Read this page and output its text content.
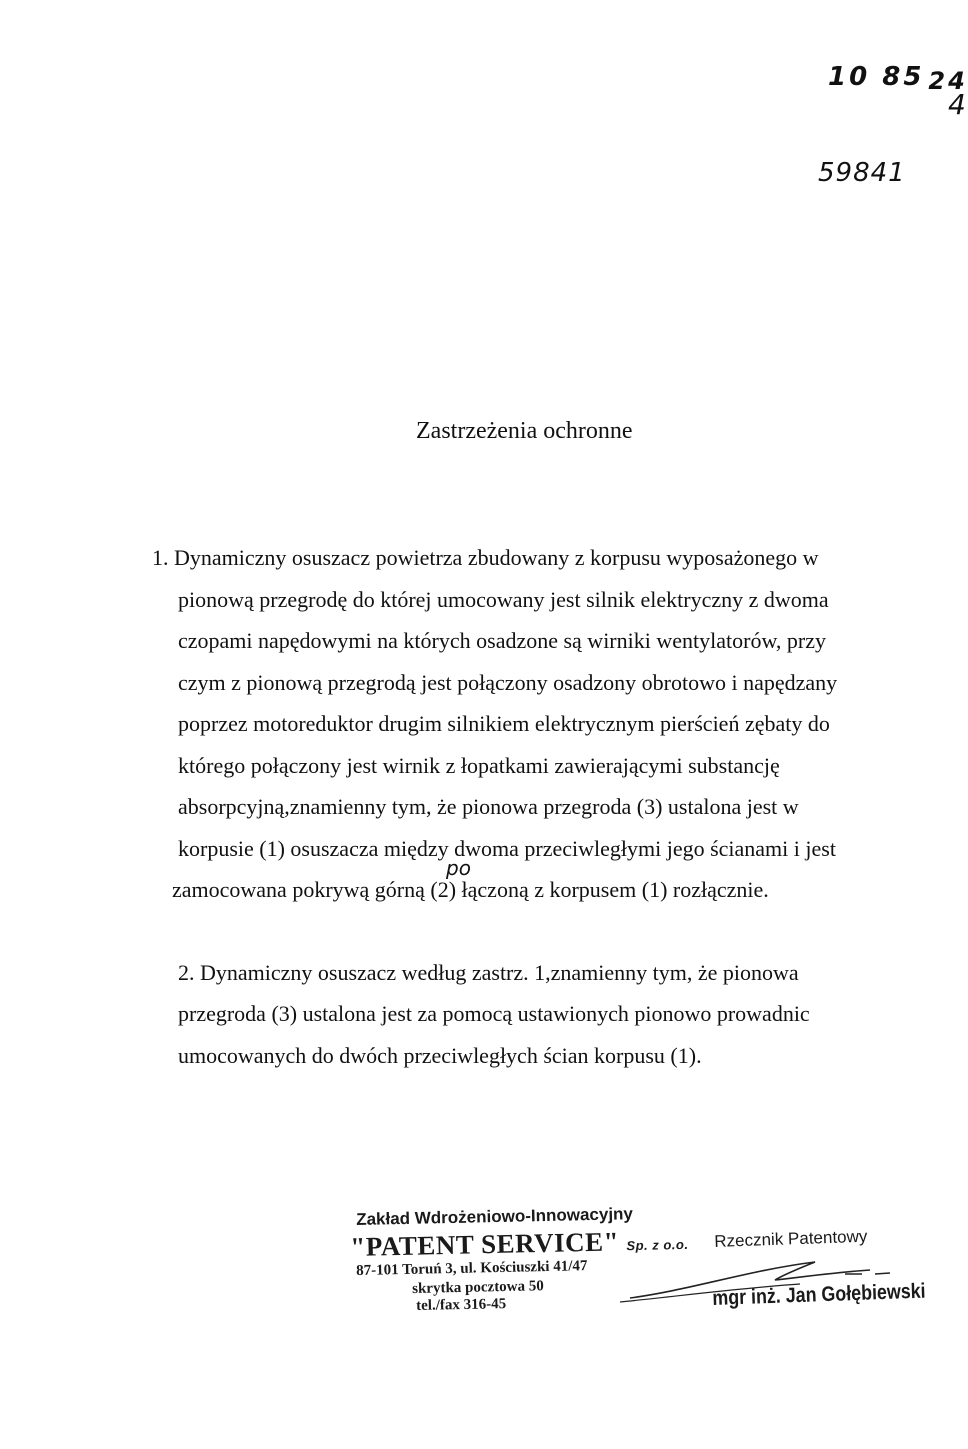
10 85 24
4
59841
Zastrzeżenia ochronne
1. Dynamiczny osuszacz powietrza zbudowany z korpusu wyposażonego w
pionową przegrodę do której umocowany jest silnik elektryczny z dwoma
czopami napędowymi na których osadzone są wirniki wentylatorów, przy
czym z pionową przegrodą jest połączony osadzony obrotowo i napędzany
poprzez motoreduktor drugim silnikiem elektrycznym pierścień zębaty do
którego połączony jest wirnik z łopatkami zawierającymi substancję
absorpcyjną,znamienny tym, że pionowa przegroda (3) ustalona jest w
korpusie (1) osuszacza między dwoma przeciwległymi jego ścianami i jest
po
zamocowana pokrywą górną (2) łączoną z korpusem (1) rozłącznie.
2. Dynamiczny osuszacz według zastrz. 1,znamienny tym, że pionowa
przegroda (3) ustalona jest za pomocą ustawionych pionowo prowadnic
umocowanych do dwóch przeciwległych ścian korpusu (1).
Zakład Wdrożeniowo-Innowacyjny
"PATENT SERVICE" Sp. z o.o.
87-101 Toruń 3, ul. Kościuszki 41/47
skrytka pocztowa 50
tel./fax 316-45
Rzecznik Patentowy
mgr inż. Jan Gołębiewski
